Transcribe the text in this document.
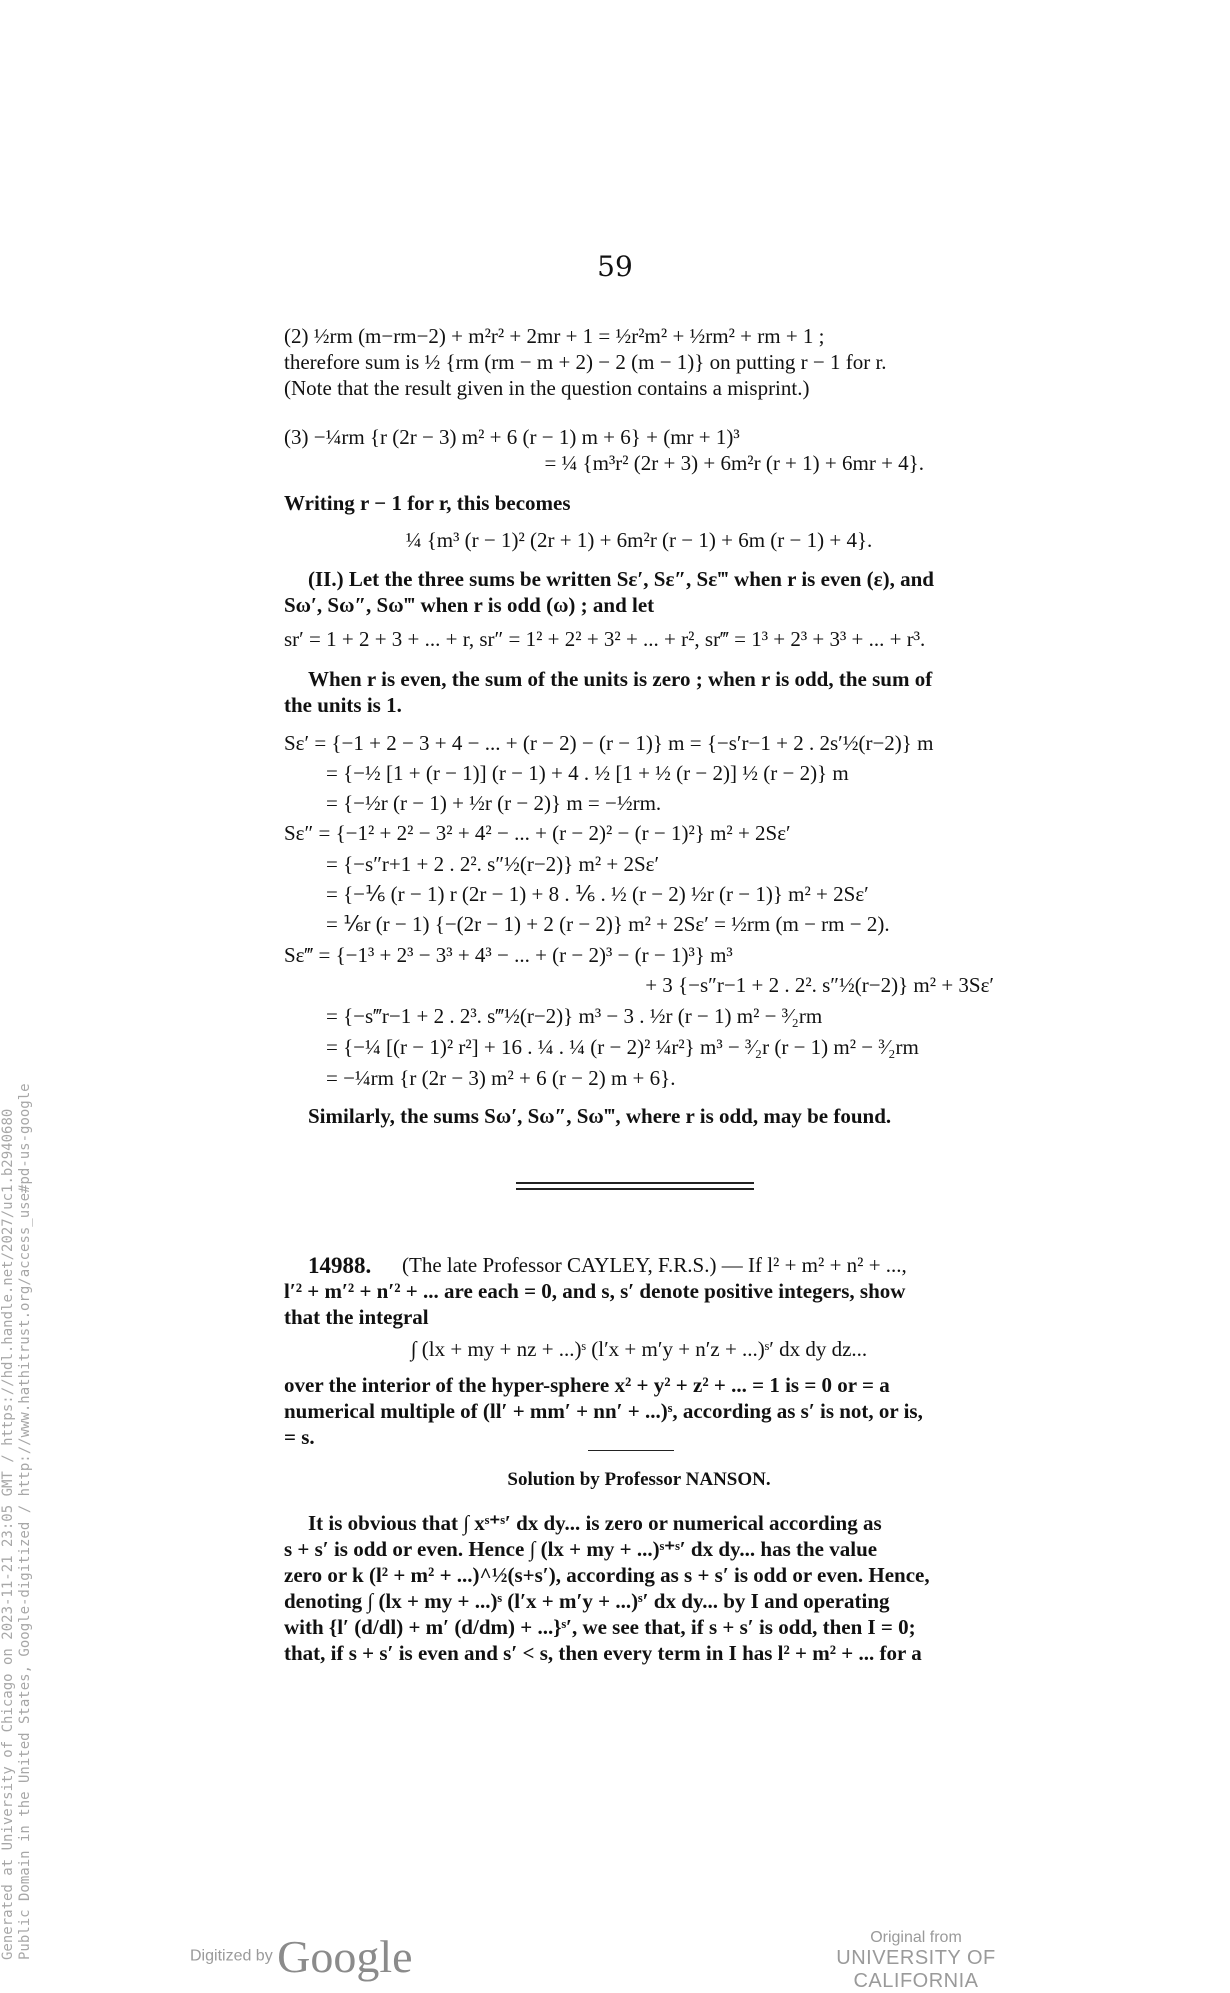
59
(2) ½rm (m−rm−2) + m²r² + 2mr + 1 = ½r²m² + ½rm² + rm + 1 ;
therefore sum is ½ {rm (rm − m + 2) − 2 (m − 1)} on putting r − 1 for r.
(Note that the result given in the question contains a misprint.)
(3) −¼rm {r (2r − 3) m² + 6 (r − 1) m + 6} + (mr + 1)³
= ¼ {m³r² (2r + 3) + 6m²r (r + 1) + 6mr + 4}.
Writing r − 1 for r, this becomes
¼ {m³ (r − 1)² (2r + 1) + 6m²r (r − 1) + 6m (r − 1) + 4}.
(II.) Let the three sums be written Sε′, Sε″, Sε‴ when r is even (ε), and
Sω′, Sω″, Sω‴ when r is odd (ω) ; and let
sr′ = 1 + 2 + 3 + ... + r, sr″ = 1² + 2² + 3² + ... + r², sr‴ = 1³ + 2³ + 3³ + ... + r³.
When r is even, the sum of the units is zero ; when r is odd, the sum of
the units is 1.
Sε′ = {−1 + 2 − 3 + 4 − ... + (r − 2) − (r − 1)} m = {−s′r−1 + 2 . 2s′½(r−2)} m
= {−½ [1 + (r − 1)] (r − 1) + 4 . ½ [1 + ½ (r − 2)] ½ (r − 2)} m
= {−½r (r − 1) + ½r (r − 2)} m = −½rm.
Sε″ = {−1² + 2² − 3² + 4² − ... + (r − 2)² − (r − 1)²} m² + 2Sε′
= {−s″r+1 + 2 . 2². s″½(r−2)} m² + 2Sε′
= {−⅙ (r − 1) r (2r − 1) + 8 . ⅙ . ½ (r − 2) ½r (r − 1)} m² + 2Sε′
= ⅙r (r − 1) {−(2r − 1) + 2 (r − 2)} m² + 2Sε′ = ½rm (m − rm − 2).
Sε‴ = {−1³ + 2³ − 3³ + 4³ − ... + (r − 2)³ − (r − 1)³} m³
+ 3 {−s″r−1 + 2 . 2². s″½(r−2)} m² + 3Sε′
= {−s‴r−1 + 2 . 2³. s‴½(r−2)} m³ − 3 . ½r (r − 1) m² − ³⁄₂rm
= {−¼ [(r − 1)² r²] + 16 . ¼ . ¼ (r − 2)² ¼r²} m³ − ³⁄₂r (r − 1) m² − ³⁄₂rm
= −¼rm {r (2r − 3) m² + 6 (r − 2) m + 6}.
Similarly, the sums Sω′, Sω″, Sω‴, where r is odd, may be found.
14988.	(The late Professor CAYLEY, F.R.S.) — If l² + m² + n² + ...,
l′² + m′² + n′² + ... are each = 0, and s, s′ denote positive integers, show
that the integral
∫ (lx + my + nz + ...)ˢ (l′x + m′y + n′z + ...)ˢ′ dx dy dz...
over the interior of the hyper-sphere x² + y² + z² + ... = 1 is = 0 or = a
numerical multiple of (ll′ + mm′ + nn′ + ...)ˢ, according as s′ is not, or is,
= s.
Solution by Professor NANSON.
It is obvious that ∫ xˢ⁺ˢ′ dx dy... is zero or numerical according as
s + s′ is odd or even. Hence ∫ (lx + my + ...)ˢ⁺ˢ′ dx dy... has the value
zero or k (l² + m² + ...)^½(s+s′), according as s + s′ is odd or even. Hence,
denoting ∫ (lx + my + ...)ˢ (l′x + m′y + ...)ˢ′ dx dy... by I and operating
with {l′ (d/dl) + m′ (d/dm) + ...}ˢ′, we see that, if s + s′ is odd, then I = 0;
that, if s + s′ is even and s′ < s, then every term in I has l² + m² + ... for a
Generated at University of Chicago on 2023-11-21 23:05 GMT / https://hdl.handle.net/2027/uc1.b2940680 Public Domain in the United States, Google-digitized / http://www.hathitrust.org/access_use#pd-us-google	Digitized by Google	Original from
UNIVERSITY OF CALIFORNIA
